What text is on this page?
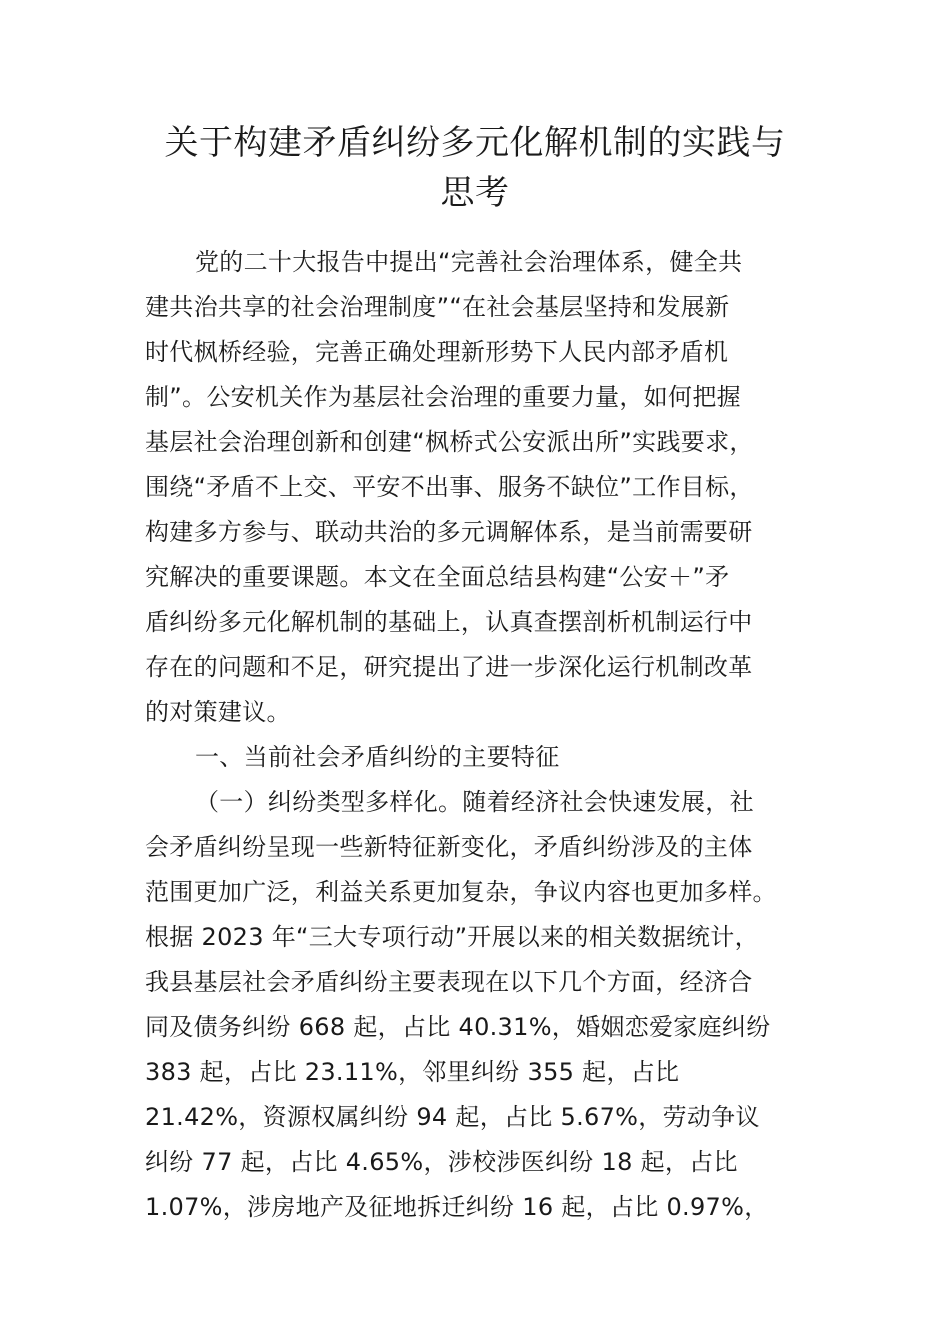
关于构建矛盾纠纷多元化解机制的实践与
思考
党的二十大报告中提出“完善社会治理体系，健全共
建共治共享的社会治理制度”“在社会基层坚持和发展新
时代枫桥经验，完善正确处理新形势下人民内部矛盾机
制”。公安机关作为基层社会治理的重要力量，如何把握
基层社会治理创新和创建“枫桥式公安派出所”实践要求，
围绕“矛盾不上交、平安不出事、服务不缺位”工作目标，
构建多方参与、联动共治的多元调解体系，是当前需要研
究解决的重要课题。本文在全面总结县构建“公安＋”矛
盾纠纷多元化解机制的基础上，认真查摆剖析机制运行中
存在的问题和不足，研究提出了进一步深化运行机制改革
的对策建议。
一、当前社会矛盾纠纷的主要特征
（一）纠纷类型多样化。随着经济社会快速发展，社
会矛盾纠纷呈现一些新特征新变化，矛盾纠纷涉及的主体
范围更加广泛，利益关系更加复杂，争议内容也更加多样。
根据 2023 年“三大专项行动”开展以来的相关数据统计，
我县基层社会矛盾纠纷主要表现在以下几个方面，经济合
同及债务纠纷 668 起，占比 40.31%，婚姻恋爱家庭纠纷
383 起，占比 23.11%，邻里纠纷 355 起，占比
21.42%，资源权属纠纷 94 起，占比 5.67%，劳动争议
纠纷 77 起，占比 4.65%，涉校涉医纠纷 18 起，占比
1.07%，涉房地产及征地拆迁纠纷 16 起，占比 0.97%，
